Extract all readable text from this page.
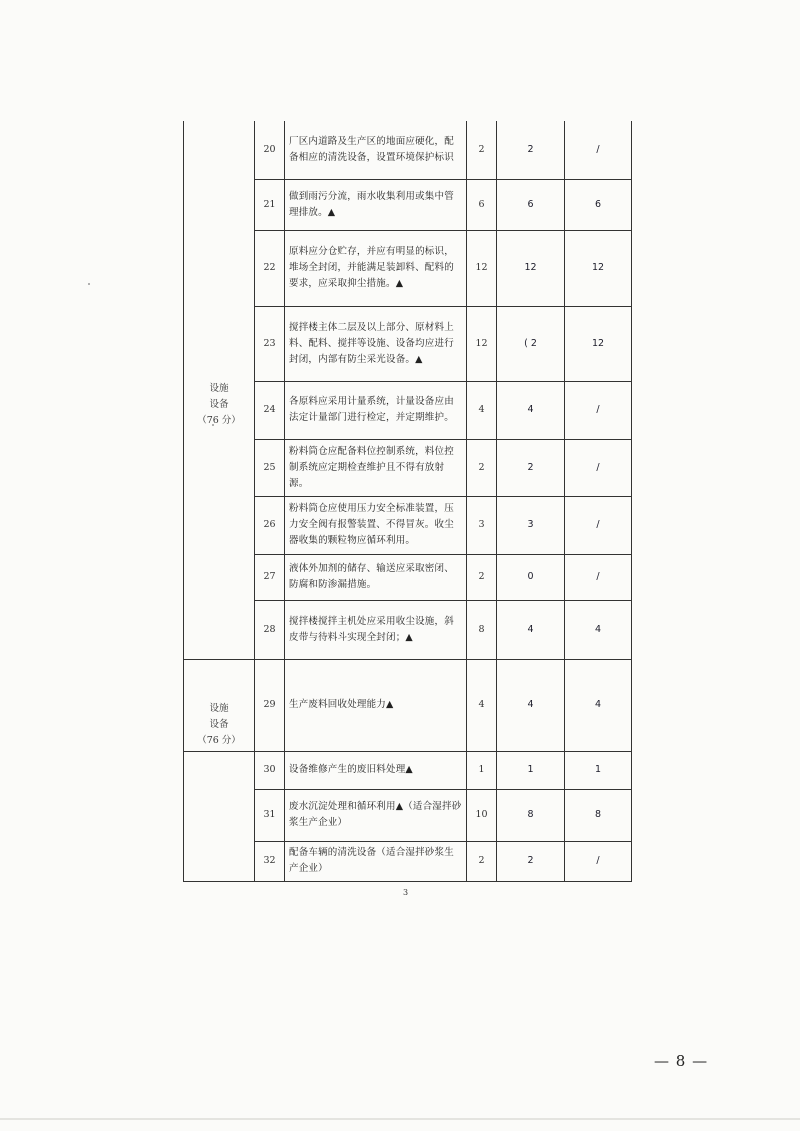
设施
设备
（76 分）	20	厂区内道路及生产区的地面应硬化，配备相应的清洗设备，设置环境保护标识	2	2	/
	21	做到雨污分流，雨水收集利用或集中管理排放。▲	6	6	6
	22	原料应分仓贮存，并应有明显的标识，堆场全封闭，并能满足装卸料、配料的要求，应采取抑尘措施。▲	12	12	12
	23	搅拌楼主体二层及以上部分、原材料上料、配料、搅拌等设施、设备均应进行封闭，内部有防尘采光设备。▲	12	( 2	12
	24	各原料应采用计量系统，计量设备应由法定计量部门进行检定，并定期维护。	4	4	/
	25	粉料筒仓应配备料位控制系统，料位控制系统应定期检查维护且不得有放射源。	2	2	/
	26	粉料筒仓应使用压力安全标准装置，压力安全阀有报警装置、不得冒灰。收尘器收集的颗粒物应循环利用。	3	3	/
	27	液体外加剂的储存、输送应采取密闭、防腐和防渗漏措施。	2	0	/
	28	搅拌楼搅拌主机处应采用收尘设施，斜皮带与待料斗实现全封闭；▲	8	4	4
设施
设备
（76 分）	29	生产废料回收处理能力▲	4	4	4
	30	设备维修产生的废旧料处理▲	1	1	1
	31	废水沉淀处理和循环利用▲（适合湿拌砂浆生产企业）	10	8	8
	32	配备车辆的清洗设备（适合湿拌砂浆生产企业）	2	2	/
3
— 8 —
